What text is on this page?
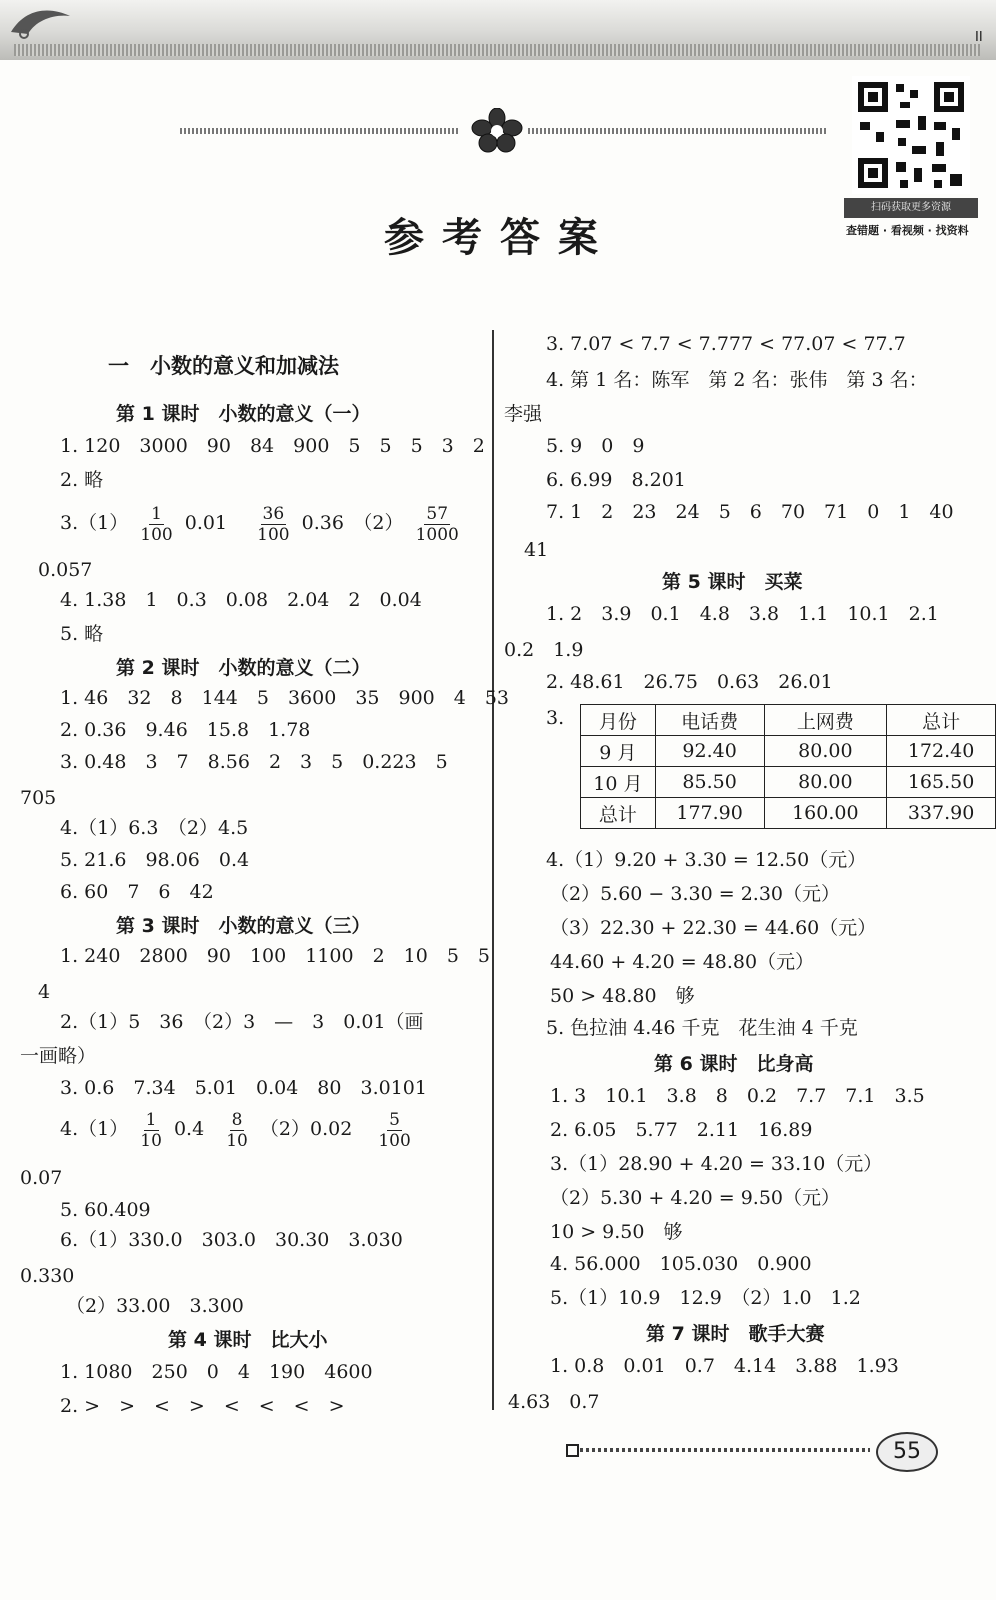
II
扫码获取更多资源
查错题 · 看视频 · 找资料
参考答案
一　小数的意义和加减法
第 1 课时　小数的意义（一）
1. 120　3000　90　84　900　5　5　5　3　2
2. 略
$3.(1) \frac{1}{100} 0.01 \frac{36}{100} 0.36$　$(2) \frac{57}{1000}$
0.057
4. 1.38　1　0.3　0.08　2.04　2　0.04
5. 略
第 2 课时　小数的意义（二）
1. 46　32　8　144　5　3600　35　900　4　53
2. 0.36　9.46　15.8　1.78
3. 0.48　3　7　8.56　2　3　5　0.223　5
705
4.（1）6.3　（2）4.5
5. 21.6　98.06　0.4
6. 60　7　6　42
第 3 课时　小数的意义（三）
1. 240　2800　90　100　1100　2　10　5　5
4
2.（1）5　36　（2）3　—　3　0.01（画
一画略）
3. 0.6　7.34　5.01　0.04　80　3.0101
$4.(1) \frac{1}{10} 0.4 \frac{8}{10} (2)0.02 \frac{5}{100}$
0.07
5. 60.409
6.（1）330.0　303.0　30.30　3.030
0.330
（2）33.00　3.300
第 4 课时　比大小
1. 1080　250　0　4　190　4600
2. >　>　<　>　<　<　<　>
3. 7.07 < 7.7 < 7.777 < 77.07 < 77.7
4. 第 1 名：陈军　第 2 名：张伟　第 3 名：
李强
5. 9　0　9
6. 6.99　8.201
7. 1　2　23　24　5　6　70　71　0　1　40
41
第 5 课时　买菜
1. 2　3.9　0.1　4.8　3.8　1.1　10.1　2.1
0.2　1.9
2. 48.61　26.75　0.63　26.01
3. 月份	电话费	上网费	总计
9 月	92.40	80.00	172.40
10 月	85.50	80.00	165.50
总计	177.90	160.00	337.90
4.（1）9.20 + 3.30 = 12.50（元）
（2）5.60 − 3.30 = 2.30（元）
（3）22.30 + 22.30 = 44.60（元）
44.60 + 4.20 = 48.80（元）
50 > 48.80　够
5. 色拉油 4.46 千克　花生油 4 千克
第 6 课时　比身高
1. 3　10.1　3.8　8　0.2　7.7　7.1　3.5
2. 6.05　5.77　2.11　16.89
3.（1）28.90 + 4.20 = 33.10（元）
（2）5.30 + 4.20 = 9.50（元）
10 > 9.50　够
4. 56.000　105.030　0.900
5.（1）10.9　12.9　（2）1.0　1.2
第 7 课时　歌手大赛
1. 0.8　0.01　0.7　4.14　3.88　1.93
4.63　0.7
55
